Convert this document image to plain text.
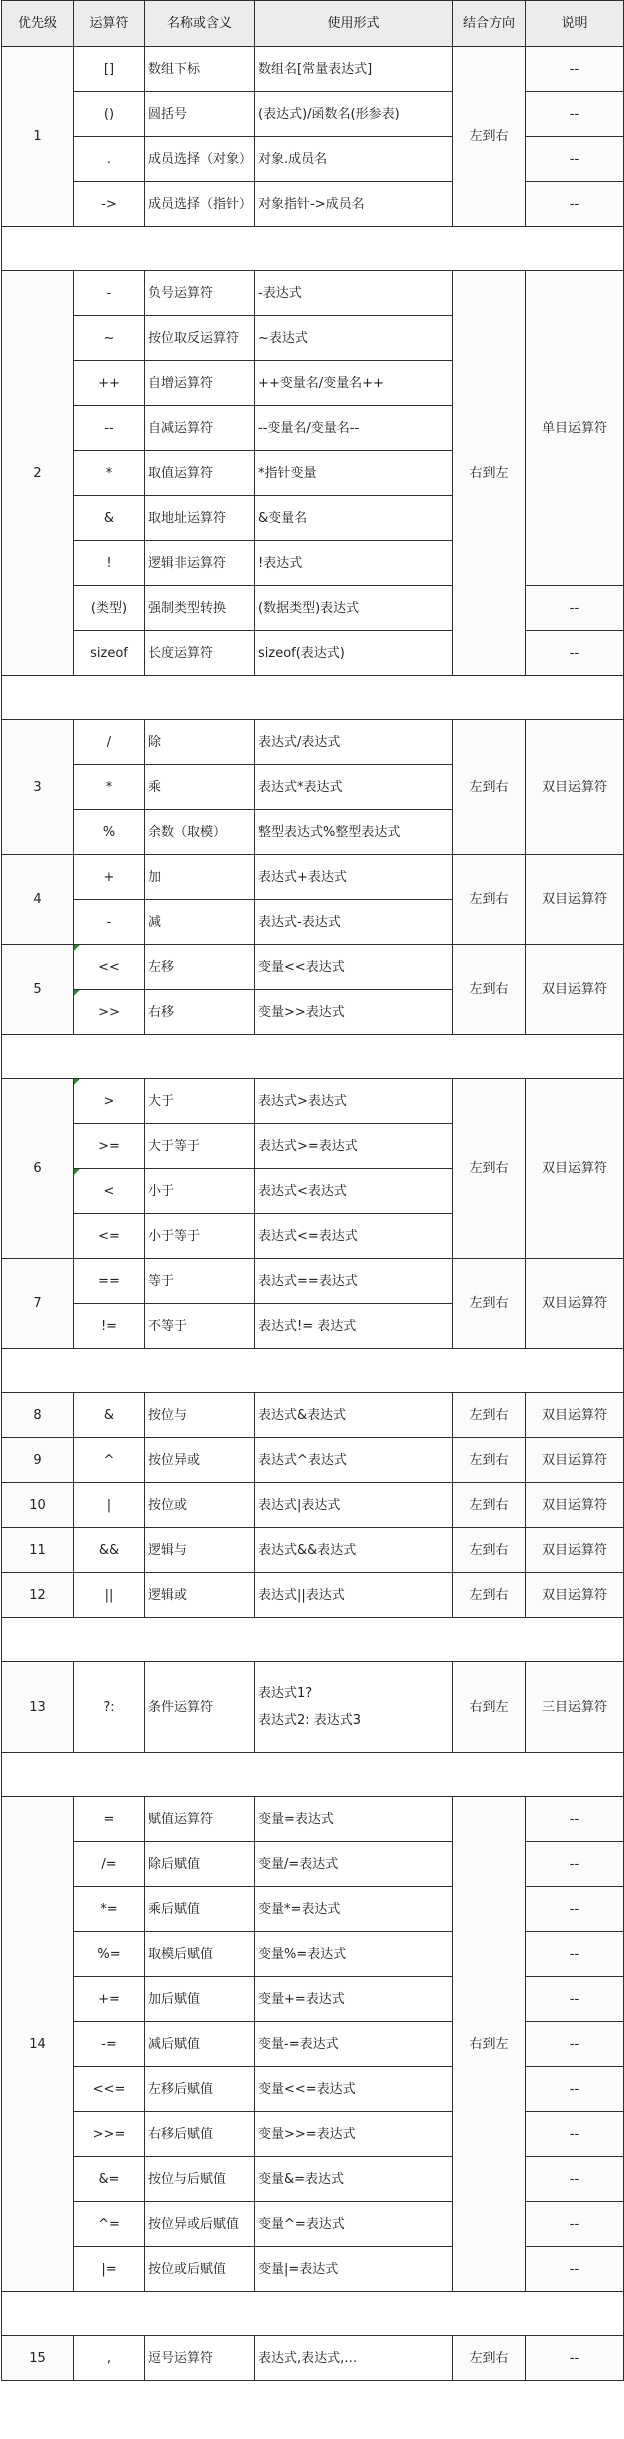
优先级	运算符	名称或含义	使用形式	结合方向	说明
1	[]	数组下标	数组名[常量表达式]	左到右	--
	()	圆括号	(表达式)/函数名(形参表)		--
	.	成员选择（对象）	对象.成员名		--
	->	成员选择（指针）	对象指针->成员名		--

2	-	负号运算符	-表达式	右到左	单目运算符
	~	按位取反运算符	~表达式		
	++	自增运算符	++变量名/变量名++		
	--	自减运算符	--变量名/变量名--		
	*	取值运算符	*指针变量		
	&	取地址运算符	&变量名		
	!	逻辑非运算符	!表达式		
	(类型)	强制类型转换	(数据类型)表达式		--
	sizeof	长度运算符	sizeof(表达式)		--

3	/	除	表达式/表达式	左到右	双目运算符
	*	乘	表达式*表达式		
	%	余数（取模）	整型表达式%整型表达式		
4	+	加	表达式+表达式	左到右	双目运算符
	-	减	表达式-表达式		
5	<<	左移	变量<<表达式	左到右	双目运算符
	>>	右移	变量>>表达式		

6	>	大于	表达式>表达式	左到右	双目运算符
	>=	大于等于	表达式>=表达式		
	<	小于	表达式<表达式		
	<=	小于等于	表达式<=表达式		
7	==	等于	表达式==表达式	左到右	双目运算符
	!=	不等于	表达式!= 表达式		

8	&	按位与	表达式&表达式	左到右	双目运算符
9	^	按位异或	表达式^表达式	左到右	双目运算符
10	|	按位或	表达式|表达式	左到右	双目运算符
11	&&	逻辑与	表达式&&表达式	左到右	双目运算符
12	||	逻辑或	表达式||表达式	左到右	双目运算符

13	?:	条件运算符	表达式1?
表达式2: 表达式3	右到左	三目运算符

14	=	赋值运算符	变量=表达式	右到左	--
	/=	除后赋值	变量/=表达式		--
	*=	乘后赋值	变量*=表达式		--
	%=	取模后赋值	变量%=表达式		--
	+=	加后赋值	变量+=表达式		--
	-=	减后赋值	变量-=表达式		--
	<<=	左移后赋值	变量<<=表达式		--
	>>=	右移后赋值	变量>>=表达式		--
	&=	按位与后赋值	变量&=表达式		--
	^=	按位异或后赋值	变量^=表达式		--
	|=	按位或后赋值	变量|=表达式		--

15	,	逗号运算符	表达式,表达式,…	左到右	--
